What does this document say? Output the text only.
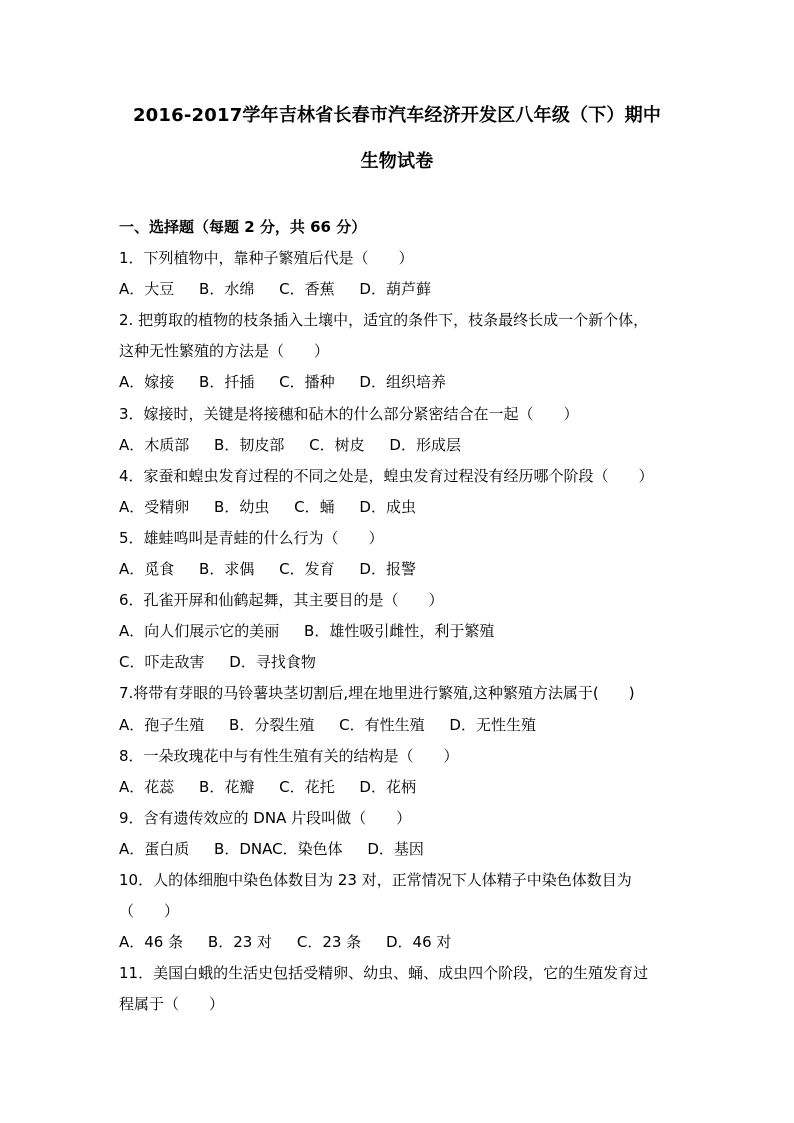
2016-2017学年吉林省长春市汽车经济开发区八年级（下）期中
生物试卷
一、选择题（每题 2 分，共 66 分）
1．下列植物中，靠种子繁殖后代是（　　）
A．大豆 B．水绵 C．香蕉 D．葫芦藓
2. 把剪取的植物的枝条插入土壤中，适宜的条件下，枝条最终长成一个新个体，
这种无性繁殖的方法是（　　）
A．嫁接 B．扦插 C．播种 D．组织培养
3．嫁接时，关键是将接穗和砧木的什么部分紧密结合在一起（　　）
A．木质部 B．韧皮部 C．树皮 D．形成层
4．家蚕和蝗虫发育过程的不同之处是，蝗虫发育过程没有经历哪个阶段（　　）
A．受精卵 B．幼虫 C．蛹 D．成虫
5．雄蛙鸣叫是青蛙的什么行为（　　）
A．觅食 B．求偶 C．发育 D．报警
6．孔雀开屏和仙鹤起舞，其主要目的是（　　）
A．向人们展示它的美丽 B．雄性吸引雌性，利于繁殖
C．吓走敌害 D．寻找食物
7.将带有芽眼的马铃薯块茎切割后,埋在地里进行繁殖,这种繁殖方法属于(　　)
A．孢子生殖 B．分裂生殖 C．有性生殖 D．无性生殖
8．一朵玫瑰花中与有性生殖有关的结构是（　　）
A．花蕊 B．花瓣 C．花托 D．花柄
9．含有遗传效应的 DNA 片段叫做（　　）
A．蛋白质 B．DNAC．染色体 D．基因
10．人的体细胞中染色体数目为 23 对，正常情况下人体精子中染色体数目为
（　　）
A．46 条 B．23 对 C．23 条 D．46 对
11．美国白蛾的生活史包括受精卵、幼虫、蛹、成虫四个阶段，它的生殖发育过
程属于（　　）
